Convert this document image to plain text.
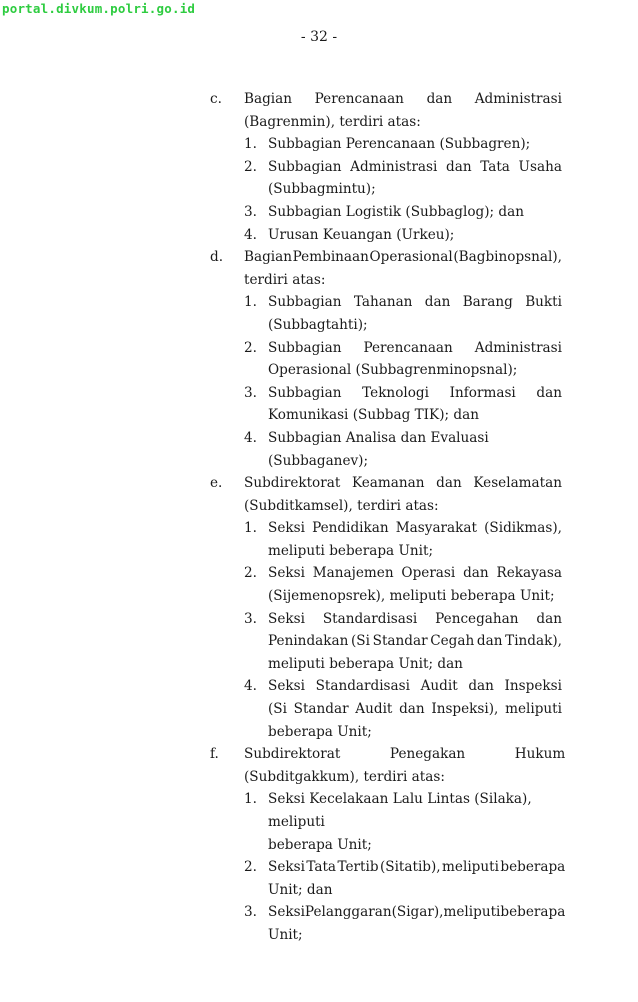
portal.divkum.polri.go.id
- 32 -
c.	Bagian Perencanaan dan Administrasi
(Bagrenmin), terdiri atas:
1. Subbagian Perencanaan (Subbagren);
2. Subbagian Administrasi dan Tata Usaha
(Subbagmintu);
3. Subbagian Logistik (Subbaglog); dan
4. Urusan Keuangan (Urkeu);
d.	Bagian Pembinaan Operasional (Bagbinopsnal),
terdiri atas:
1. Subbagian Tahanan dan Barang Bukti
(Subbagtahti);
2. Subbagian Perencanaan Administrasi
Operasional (Subbagrenminopsnal);
3. Subbagian Teknologi Informasi dan
Komunikasi (Subbag TIK); dan
4. Subbagian Analisa dan Evaluasi (Subbaganev);
e.	Subdirektorat Keamanan dan Keselamatan
(Subditkamsel), terdiri atas:
1. Seksi Pendidikan Masyarakat (Sidikmas),
meliputi beberapa Unit;
2. Seksi Manajemen Operasi dan Rekayasa
(Sijemenopsrek), meliputi beberapa Unit;
3. Seksi Standardisasi Pencegahan dan
Penindakan (Si Standar Cegah dan Tindak),
meliputi beberapa Unit; dan
4. Seksi Standardisasi Audit dan Inspeksi
(Si Standar Audit dan Inspeksi), meliputi
beberapa Unit;
f.	Subdirektorat	Penegakan	Hukum
(Subditgakkum), terdiri atas:
1. Seksi Kecelakaan Lalu Lintas (Silaka), meliputi
beberapa Unit;
2. Seksi Tata Tertib (Sitatib), meliputi beberapa
Unit; dan
3. Seksi Pelanggaran (Sigar), meliputi beberapa
Unit;
